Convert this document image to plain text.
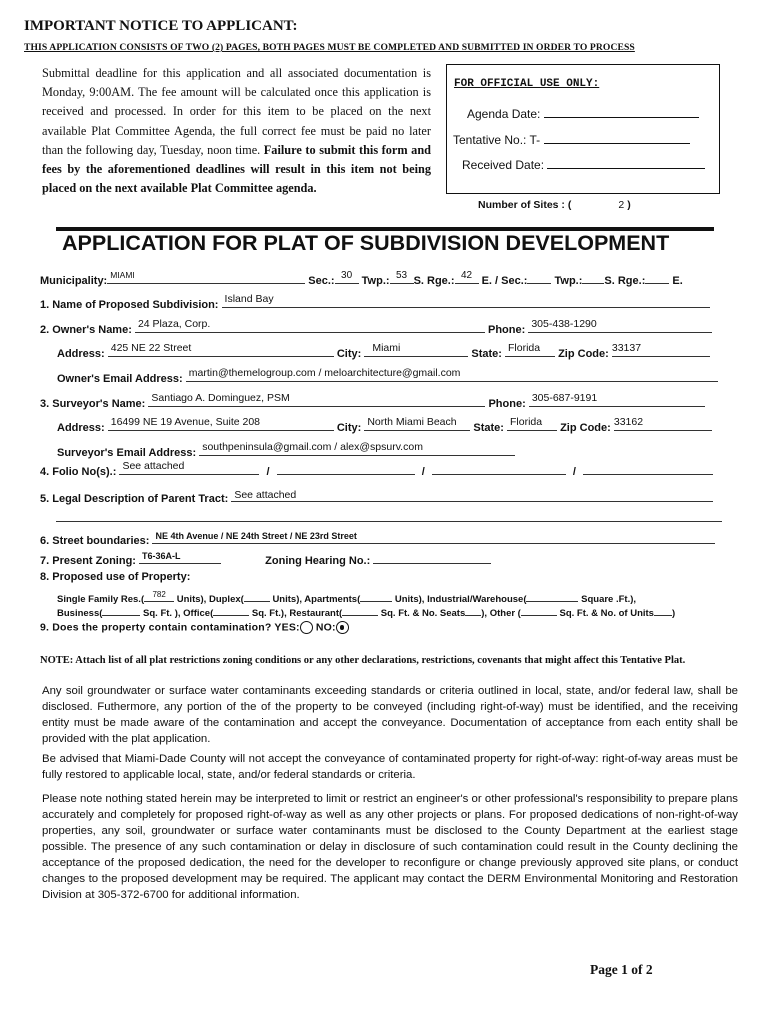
IMPORTANT NOTICE TO APPLICANT:
THIS APPLICATION CONSISTS OF TWO (2) PAGES, BOTH PAGES MUST BE COMPLETED AND SUBMITTED IN ORDER TO PROCESS
Submittal deadline for this application and all associated documentation is Monday, 9:00AM. The fee amount will be calculated once this application is received and processed. In order for this item to be placed on the next available Plat Committee Agenda, the full correct fee must be paid no later than the following day, Tuesday, noon time. Failure to submit this form and fees by the aforementioned deadlines will result in this item not being placed on the next available Plat Committee agenda.
FOR OFFICIAL USE ONLY:
Agenda Date:
Tentative No.: T-
Received Date:
Number of Sites : (	2 )
APPLICATION FOR PLAT OF SUBDIVISION DEVELOPMENT
Municipality: MIAMI	Sec.: 30 Twp.: 53 S. Rge.: 42 E. / Sec.: Twp.: S. Rge.: E.
1. Name of Proposed Subdivision: Island Bay
2. Owner's Name: 24 Plaza, Corp.	Phone: 305-438-1290
Address: 425 NE 22 Street	City: Miami	State: Florida Zip Code: 33137
Owner's Email Address: martin@themelogroup.com / meloarchitecture@gmail.com
3. Surveyor's Name: Santiago A. Dominguez, PSM	Phone: 305-687-9191
Address: 16499 NE 19 Avenue, Suite 208	City: North Miami Beach State: Florida Zip Code: 33162
Surveyor's Email Address: southpeninsula@gmail.com / alex@spsurv.com
4. Folio No(s).: See attached	/	/	/
5. Legal Description of Parent Tract: See attached
6. Street boundaries: NE 4th Avenue / NE 24th Street / NE 23rd Street
7. Present Zoning: T6-36A-L	Zoning Hearing No.:
8. Proposed use of Property:
Single Family Res.(	782	Units), Duplex(	Units), Apartments(	Units), Industrial/Warehouse(	Square .Ft.),
Business(	Sq. Ft. ), Office(	Sq. Ft.), Restaurant(	Sq. Ft. & No. Seats ), Other (	Sq. Ft. & No. of Units )
9. Does the property contain contamination? YES: NO:
NOTE: Attach list of all plat restrictions zoning conditions or any other declarations, restrictions, covenants that might affect this Tentative Plat.
Any soil groundwater or surface water contaminants exceeding standards or criteria outlined in local, state, and/or federal law, shall be disclosed. Futhermore, any portion of the of the property to be conveyed (including right-of-way) must be identified, and the receiving entity must be made aware of the contamination and accept the conveyance. Documentation of acceptance from each entity shall be provided with the plat application.
Be advised that Miami-Dade County will not accept the conveyance of contaminated property for right-of-way: right-of-way areas must be fully restored to applicable local, state, and/or federal standards or criteria.
Please note nothing stated herein may be interpreted to limit or restrict an engineer's or other professional's responsibility to prepare plans accurately and completely for proposed right-of-way as well as any other projects or plans. For proposed dedications of non-right-of-way properties, any soil, groundwater or surface water contaminants must be disclosed to the County Department at the earliest stage possible. The presence of any such contamination or delay in disclosure of such contamination could result in the County declining the acceptance of the proposed dedication, the need for the developer to reconfigure or change previously approved site plans, or conduct changes to the proposed development may be required. The applicant may contact the DERM Environmental Monitoring and Restoration Division at 305-372-6700 for additional information.
Page 1 of 2
